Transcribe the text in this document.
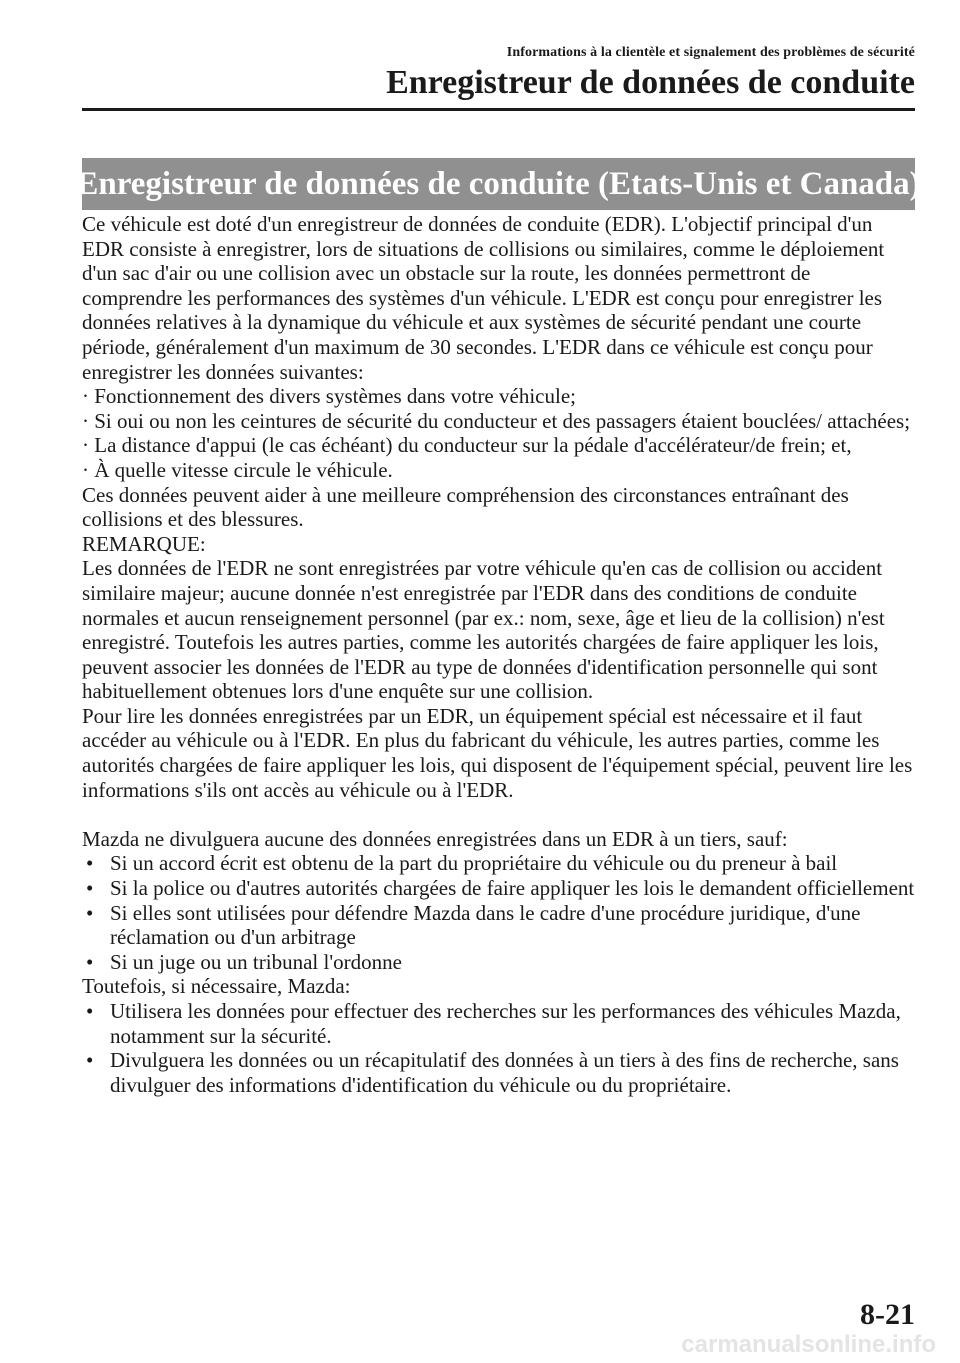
Informations à la clientèle et signalement des problèmes de sécurité
Enregistreur de données de conduite
Enregistreur de données de conduite (Etats-Unis et Canada)

Ce véhicule est doté d'un enregistreur de données de conduite (EDR). L'objectif principal d'un EDR consiste à enregistrer, lors de situations de collisions ou similaires, comme le déploiement d'un sac d'air ou une collision avec un obstacle sur la route, les données permettront de comprendre les performances des systèmes d'un véhicule. L'EDR est conçu pour enregistrer les données relatives à la dynamique du véhicule et aux systèmes de sécurité pendant une courte période, généralement d'un maximum de 30 secondes. L'EDR dans ce véhicule est conçu pour enregistrer les données suivantes:

· Fonctionnement des divers systèmes dans votre véhicule;

· Si oui ou non les ceintures de sécurité du conducteur et des passagers étaient bouclées/ attachées;

· La distance d'appui (le cas échéant) du conducteur sur la pédale d'accélérateur/de frein; et,

· À quelle vitesse circule le véhicule.

Ces données peuvent aider à une meilleure compréhension des circonstances entraînant des collisions et des blessures.

REMARQUE:

Les données de l'EDR ne sont enregistrées par votre véhicule qu'en cas de collision ou accident similaire majeur; aucune donnée n'est enregistrée par l'EDR dans des conditions de conduite normales et aucun renseignement personnel (par ex.: nom, sexe, âge et lieu de la collision) n'est enregistré. Toutefois les autres parties, comme les autorités chargées de faire appliquer les lois, peuvent associer les données de l'EDR au type de données d'identification personnelle qui sont habituellement obtenues lors d'une enquête sur une collision.

Pour lire les données enregistrées par un EDR, un équipement spécial est nécessaire et il faut accéder au véhicule ou à l'EDR. En plus du fabricant du véhicule, les autres parties, comme les autorités chargées de faire appliquer les lois, qui disposent de l'équipement spécial, peuvent lire les informations s'ils ont accès au véhicule ou à l'EDR.

Mazda ne divulguera aucune des données enregistrées dans un EDR à un tiers, sauf:

• Si un accord écrit est obtenu de la part du propriétaire du véhicule ou du preneur à bail
• Si la police ou d'autres autorités chargées de faire appliquer les lois le demandent officiellement
• Si elles sont utilisées pour défendre Mazda dans le cadre d'une procédure juridique, d'une réclamation ou d'un arbitrage
• Si un juge ou un tribunal l'ordonne

Toutefois, si nécessaire, Mazda:

• Utilisera les données pour effectuer des recherches sur les performances des véhicules Mazda, notamment sur la sécurité.
• Divulguera les données ou un récapitulatif des données à un tiers à des fins de recherche, sans divulguer des informations d'identification du véhicule ou du propriétaire.
8-21
carmanualsonline.info
